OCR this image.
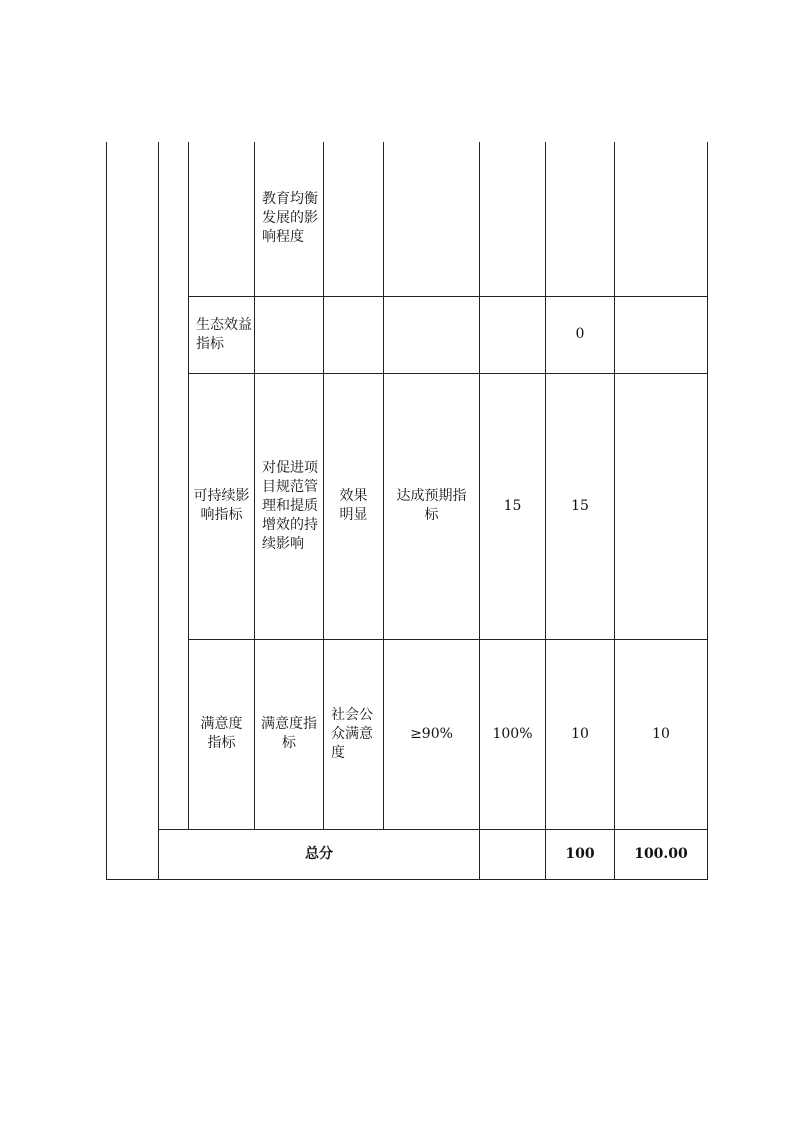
			教育均衡发展的影响程度						
		生态效益指标					0		
		可持续影响指标	对促进项目规范管理和提质增效的持续影响	效果明显	达成预期指标	15	15		
		满意度指标	满意度指标	社会公众满意度	≥90%	100%	10	10	
	总分						100	100.00	
